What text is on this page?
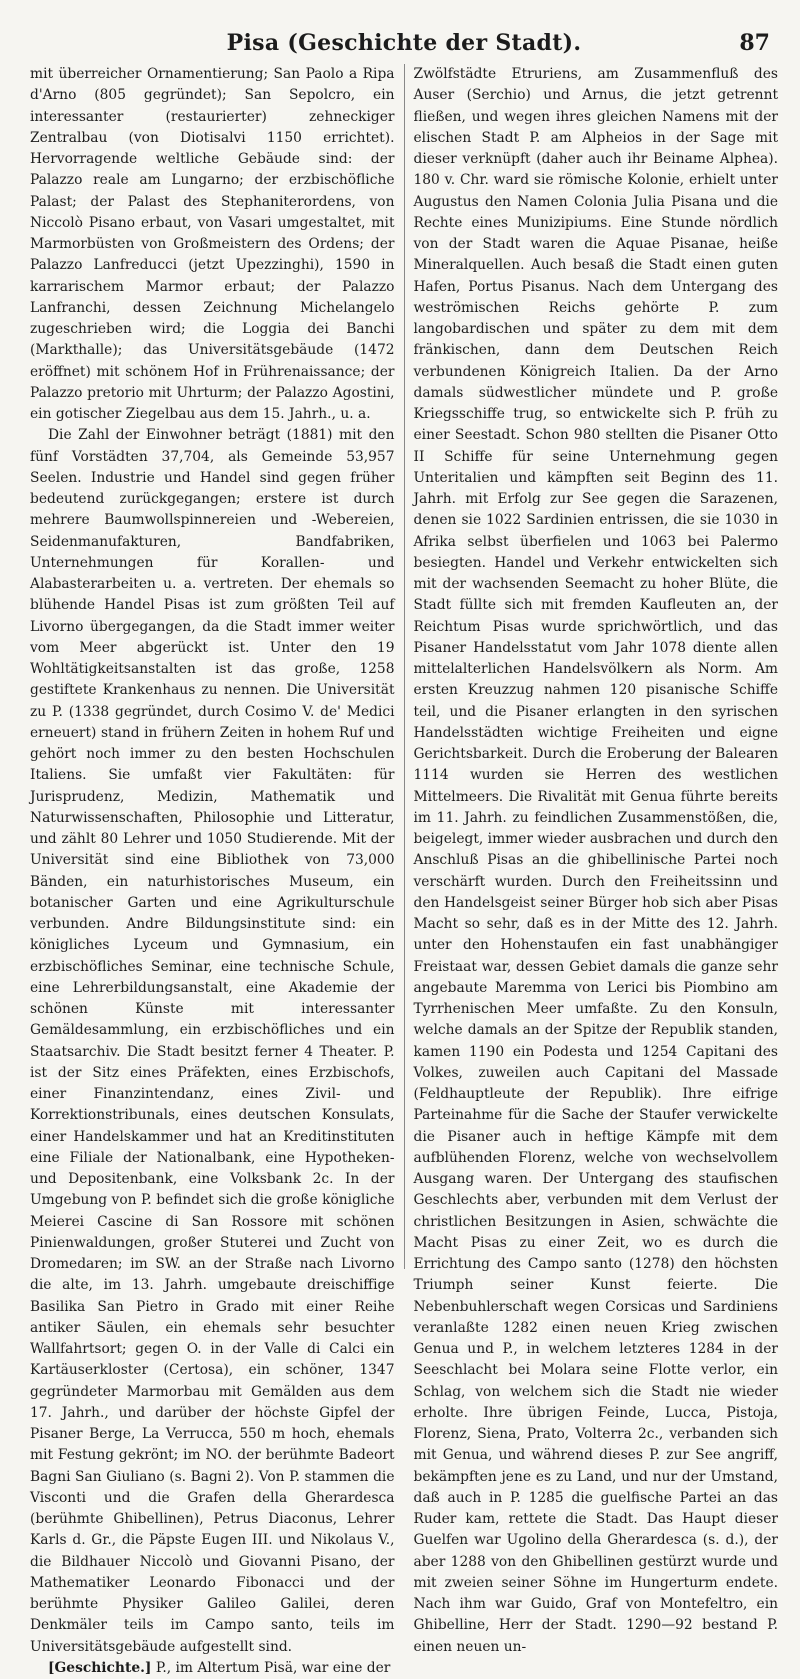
Pisa (Geschichte der Stadt).	87

mit überreicher Ornamentierung; San Paolo a Ripa d'Arno (805 gegründet); San Sepolcro, ein interessanter (restaurierter) zehneckiger Zentralbau (von Diotisalvi 1150 errichtet). Hervorragende weltliche Gebäude sind: der Palazzo reale am Lungarno; der erzbischöfliche Palast; der Palast des Stephaniterordens, von Niccolò Pisano erbaut, von Vasari umgestaltet, mit Marmorbüsten von Großmeistern des Ordens; der Palazzo Lanfreducci (jetzt Upezzinghi), 1590 in karrarischem Marmor erbaut; der Palazzo Lanfranchi, dessen Zeichnung Michelangelo zugeschrieben wird; die Loggia dei Banchi (Markthalle); das Universitätsgebäude (1472 eröffnet) mit schönem Hof in Frührenaissance; der Palazzo pretorio mit Uhrturm; der Palazzo Agostini, ein gotischer Ziegelbau aus dem 15. Jahrh., u. a.

Die Zahl der Einwohner beträgt (1881) mit den fünf Vorstädten 37,704, als Gemeinde 53,957 Seelen. Industrie und Handel sind gegen früher bedeutend zurückgegangen; erstere ist durch mehrere Baumwollspinnereien und -Webereien, Seidenmanufakturen, Bandfabriken, Unternehmungen für Korallen- und Alabasterarbeiten u. a. vertreten. Der ehemals so blühende Handel Pisas ist zum größten Teil auf Livorno übergegangen, da die Stadt immer weiter vom Meer abgerückt ist. Unter den 19 Wohltätigkeitsanstalten ist das große, 1258 gestiftete Krankenhaus zu nennen. Die Universität zu P. (1338 gegründet, durch Cosimo V. de' Medici erneuert) stand in frühern Zeiten in hohem Ruf und gehört noch immer zu den besten Hochschulen Italiens. Sie umfaßt vier Fakultäten: für Jurisprudenz, Medizin, Mathematik und Naturwissenschaften, Philosophie und Litteratur, und zählt 80 Lehrer und 1050 Studierende. Mit der Universität sind eine Bibliothek von 73,000 Bänden, ein naturhistorisches Museum, ein botanischer Garten und eine Agrikulturschule verbunden. Andre Bildungsinstitute sind: ein königliches Lyceum und Gymnasium, ein erzbischöfliches Seminar, eine technische Schule, eine Lehrerbildungsanstalt, eine Akademie der schönen Künste mit interessanter Gemäldesammlung, ein erzbischöfliches und ein Staatsarchiv. Die Stadt besitzt ferner 4 Theater. P. ist der Sitz eines Präfekten, eines Erzbischofs, einer Finanzintendanz, eines Zivil- und Korrektionstribunals, eines deutschen Konsulats, einer Handelskammer und hat an Kreditinstituten eine Filiale der Nationalbank, eine Hypotheken- und Depositenbank, eine Volksbank 2c. In der Umgebung von P. befindet sich die große königliche Meierei Cascine di San Rossore mit schönen Pinienwaldungen, großer Stuterei und Zucht von Dromedaren; im SW. an der Straße nach Livorno die alte, im 13. Jahrh. umgebaute dreischiffige Basilika San Pietro in Grado mit einer Reihe antiker Säulen, ein ehemals sehr besuchter Wallfahrtsort; gegen O. in der Valle di Calci ein Kartäuserkloster (Certosa), ein schöner, 1347 gegründeter Marmorbau mit Gemälden aus dem 17. Jahrh., und darüber der höchste Gipfel der Pisaner Berge, La Verrucca, 550 m hoch, ehemals mit Festung gekrönt; im NO. der berühmte Badeort Bagni San Giuliano (s. Bagni 2). Von P. stammen die Visconti und die Grafen della Gherardesca (berühmte Ghibellinen), Petrus Diaconus, Lehrer Karls d. Gr., die Päpste Eugen III. und Nikolaus V., die Bildhauer Niccolò und Giovanni Pisano, der Mathematiker Leonardo Fibonacci und der berühmte Physiker Galileo Galilei, deren Denkmäler teils im Campo santo, teils im Universitätsgebäude aufgestellt sind.

[Geschichte.] P., im Altertum Pisä, war eine der

Zwölfstädte Etruriens, am Zusammenfluß des Auser (Serchio) und Arnus, die jetzt getrennt fließen, und wegen ihres gleichen Namens mit der elischen Stadt P. am Alpheios in der Sage mit dieser verknüpft (daher auch ihr Beiname Alphea). 180 v. Chr. ward sie römische Kolonie, erhielt unter Augustus den Namen Colonia Julia Pisana und die Rechte eines Munizipiums. Eine Stunde nördlich von der Stadt waren die Aquae Pisanae, heiße Mineralquellen. Auch besaß die Stadt einen guten Hafen, Portus Pisanus. Nach dem Untergang des weströmischen Reichs gehörte P. zum langobardischen und später zu dem mit dem fränkischen, dann dem Deutschen Reich verbundenen Königreich Italien. Da der Arno damals südwestlicher mündete und P. große Kriegsschiffe trug, so entwickelte sich P. früh zu einer Seestadt. Schon 980 stellten die Pisaner Otto II Schiffe für seine Unternehmung gegen Unteritalien und kämpften seit Beginn des 11. Jahrh. mit Erfolg zur See gegen die Sarazenen, denen sie 1022 Sardinien entrissen, die sie 1030 in Afrika selbst überfielen und 1063 bei Palermo besiegten. Handel und Verkehr entwickelten sich mit der wachsenden Seemacht zu hoher Blüte, die Stadt füllte sich mit fremden Kaufleuten an, der Reichtum Pisas wurde sprichwörtlich, und das Pisaner Handelsstatut vom Jahr 1078 diente allen mittelalterlichen Handelsvölkern als Norm. Am ersten Kreuzzug nahmen 120 pisanische Schiffe teil, und die Pisaner erlangten in den syrischen Handelsstädten wichtige Freiheiten und eigne Gerichtsbarkeit. Durch die Eroberung der Balearen 1114 wurden sie Herren des westlichen Mittelmeers. Die Rivalität mit Genua führte bereits im 11. Jahrh. zu feindlichen Zusammenstößen, die, beigelegt, immer wieder ausbrachen und durch den Anschluß Pisas an die ghibellinische Partei noch verschärft wurden. Durch den Freiheitssinn und den Handelsgeist seiner Bürger hob sich aber Pisas Macht so sehr, daß es in der Mitte des 12. Jahrh. unter den Hohenstaufen ein fast unabhängiger Freistaat war, dessen Gebiet damals die ganze sehr angebaute Maremma von Lerici bis Piombino am Tyrrhenischen Meer umfaßte. Zu den Konsuln, welche damals an der Spitze der Republik standen, kamen 1190 ein Podesta und 1254 Capitani des Volkes, zuweilen auch Capitani del Massade (Feldhauptleute der Republik). Ihre eifrige Parteinahme für die Sache der Staufer verwickelte die Pisaner auch in heftige Kämpfe mit dem aufblühenden Florenz, welche von wechselvollem Ausgang waren. Der Untergang des staufischen Geschlechts aber, verbunden mit dem Verlust der christlichen Besitzungen in Asien, schwächte die Macht Pisas zu einer Zeit, wo es durch die Errichtung des Campo santo (1278) den höchsten Triumph seiner Kunst feierte. Die Nebenbuhlerschaft wegen Corsicas und Sardiniens veranlaßte 1282 einen neuen Krieg zwischen Genua und P., in welchem letzteres 1284 in der Seeschlacht bei Molara seine Flotte verlor, ein Schlag, von welchem sich die Stadt nie wieder erholte. Ihre übrigen Feinde, Lucca, Pistoja, Florenz, Siena, Prato, Volterra 2c., verbanden sich mit Genua, und während dieses P. zur See angriff, bekämpften jene es zu Land, und nur der Umstand, daß auch in P. 1285 die guelfische Partei an das Ruder kam, rettete die Stadt. Das Haupt dieser Guelfen war Ugolino della Gherardesca (s. d.), der aber 1288 von den Ghibellinen gestürzt wurde und mit zweien seiner Söhne im Hungerturm endete. Nach ihm war Guido, Graf von Montefeltro, ein Ghibelline, Herr der Stadt. 1290—92 bestand P. einen neuen un-
